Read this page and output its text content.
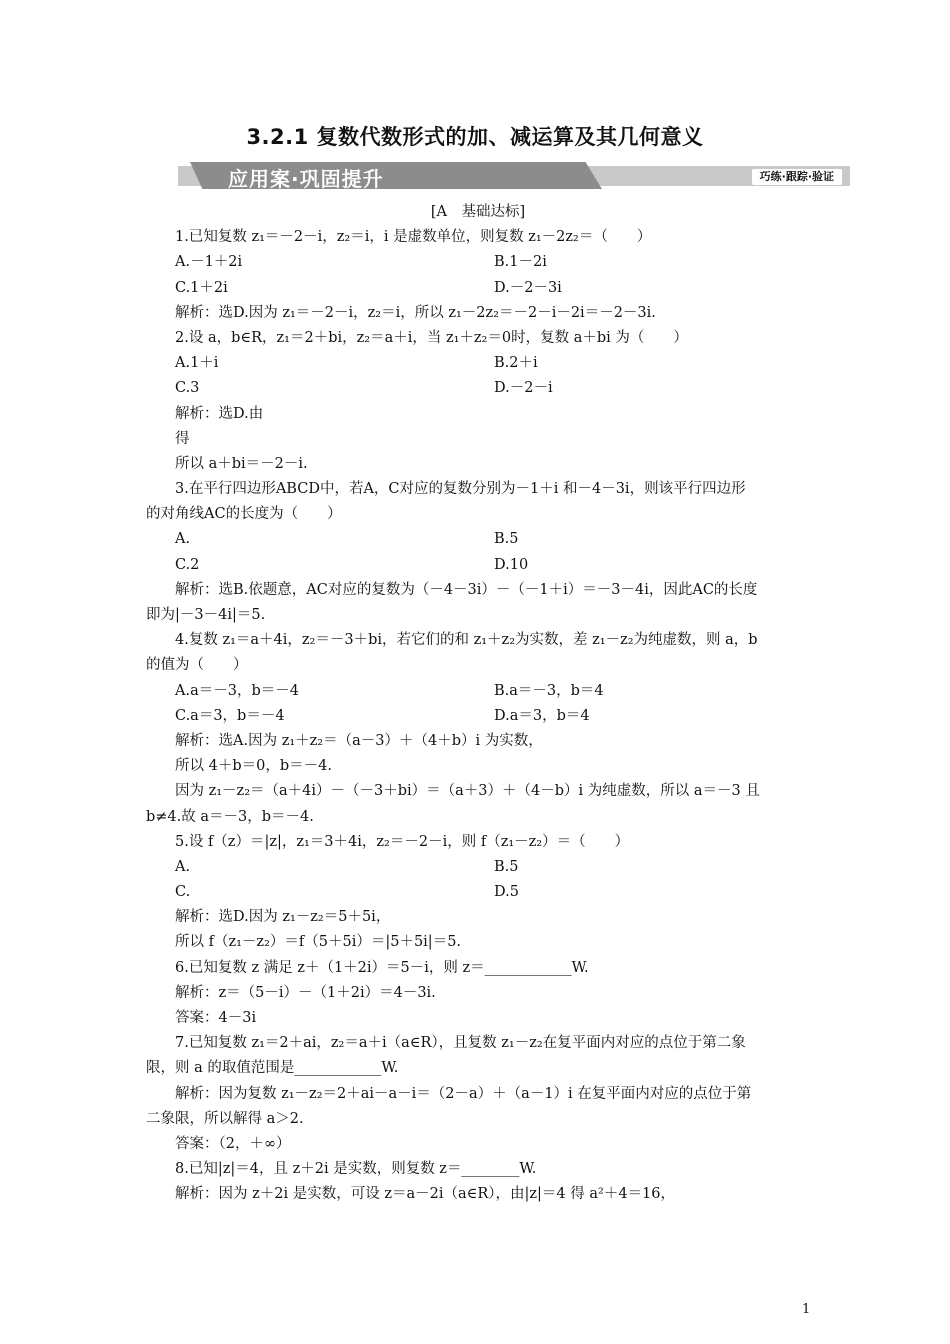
3.2.1 复数代数形式的加、减运算及其几何意义
应用案·巩固提升	巧练·跟踪·验证
[A　基础达标]
1.已知复数 z₁＝－2－i，z₂＝i，i 是虚数单位，则复数 z₁－2z₂＝（　　）
A.－1＋2i	B.1－2i
C.1＋2i	D.－2－3i
解析：选D.因为 z₁＝－2－i，z₂＝i，所以 z₁－2z₂＝－2－i－2i＝－2－3i.
2.设 a，b∈R，z₁＝2＋bi，z₂＝a＋i，当 z₁＋z₂＝0时，复数 a＋bi 为（　　）
A.1＋i	B.2＋i
C.3	D.－2－i
解析：选D.由
得
所以 a＋bi＝－2－i.
3.在平行四边形ABCD中，若A，C对应的复数分别为－1＋i 和－4－3i，则该平行四边形
的对角线AC的长度为（　　）
A.	B.5
C.2	D.10
解析：选B.依题意，AC对应的复数为（－4－3i）－（－1＋i）＝－3－4i，因此AC的长度
即为|－3－4i|＝5.
4.复数 z₁＝a＋4i，z₂＝－3＋bi，若它们的和 z₁＋z₂为实数，差 z₁－z₂为纯虚数，则 a，b
的值为（　　）
A.a＝－3，b＝－4	B.a＝－3，b＝4
C.a＝3，b＝－4	D.a＝3，b＝4
解析：选A.因为 z₁＋z₂＝（a－3）＋（4＋b）i 为实数，
所以 4＋b＝0，b＝－4.
因为 z₁－z₂＝（a＋4i）－（－3＋bi）＝（a＋3）＋（4－b）i 为纯虚数，所以 a＝－3 且
b≠4.故 a＝－3，b＝－4.
5.设 f（z）＝|z|，z₁＝3＋4i，z₂＝－2－i，则 f（z₁－z₂）＝（　　）
A.	B.5
C.	D.5
解析：选D.因为 z₁－z₂＝5＋5i，
所以 f（z₁－z₂）＝f（5＋5i）＝|5＋5i|＝5.
6.已知复数 z 满足 z＋（1＋2i）＝5－i，则 z＝____________W.
解析：z＝（5－i）－（1＋2i）＝4－3i.
答案：4－3i
7.已知复数 z₁＝2＋ai，z₂＝a＋i（a∈R），且复数 z₁－z₂在复平面内对应的点位于第二象
限，则 a 的取值范围是____________W.
解析：因为复数 z₁－z₂＝2＋ai－a－i＝（2－a）＋（a－1）i 在复平面内对应的点位于第
二象限，所以解得 a＞2.
答案：（2，＋∞）
8.已知|z|＝4，且 z＋2i 是实数，则复数 z＝________W.
解析：因为 z＋2i 是实数，可设 z＝a－2i（a∈R），由|z|＝4 得 a²＋4＝16，
1
